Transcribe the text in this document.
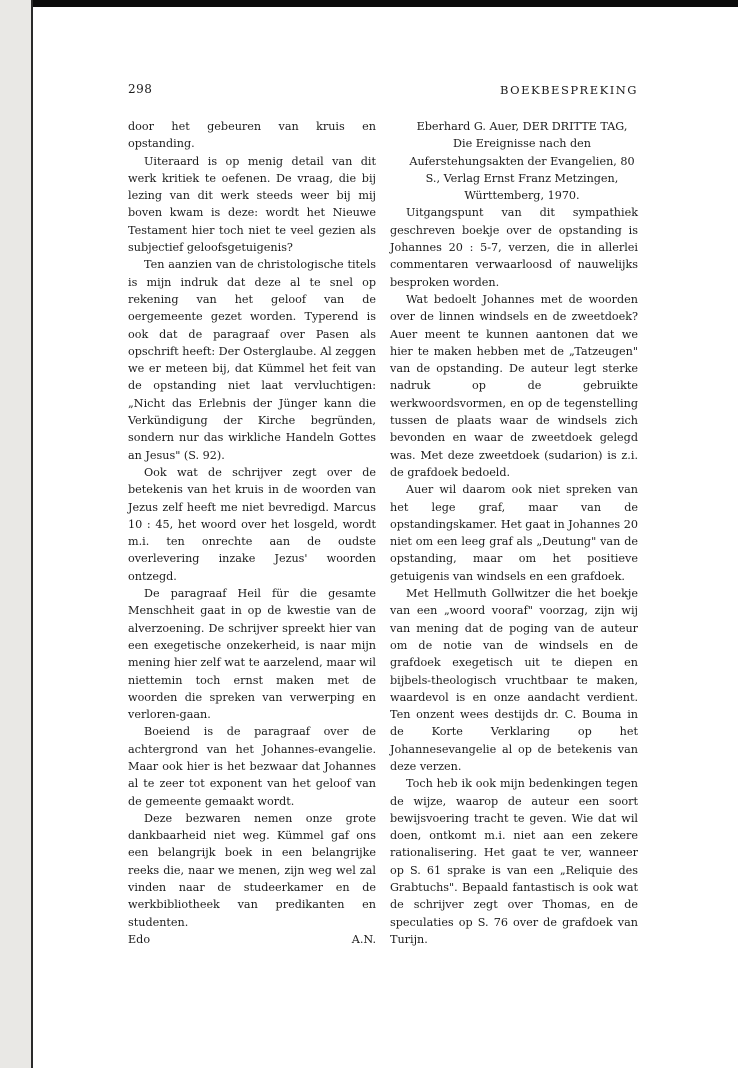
298	BOEKBESPREKING

door het gebeuren van kruis en opstanding.

Uiteraard is op menig detail van dit werk kritiek te oefenen. De vraag, die bij lezing van dit werk steeds weer bij mij boven kwam is deze: wordt het Nieuwe Testament hier toch niet te veel gezien als subjectief geloofsgetuigenis?

Ten aanzien van de christologische titels is mijn indruk dat deze al te snel op rekening van het geloof van de oergemeente gezet worden. Typerend is ook dat de paragraaf over Pasen als opschrift heeft: Der Osterglaube. Al zeggen we er meteen bij, dat Kümmel het feit van de opstanding niet laat vervluchtigen: „Nicht das Erlebnis der Jünger kann die Verkündigung der Kirche begründen, sondern nur das wirkliche Handeln Gottes an Jesus" (S. 92).

Ook wat de schrijver zegt over de betekenis van het kruis in de woorden van Jezus zelf heeft me niet bevredigd. Marcus 10 : 45, het woord over het losgeld, wordt m.i. ten onrechte aan de oudste overlevering inzake Jezus' woorden ontzegd.

De paragraaf Heil für die gesamte Menschheit gaat in op de kwestie van de alverzoening. De schrijver spreekt hier van een exegetische onzekerheid, is naar mijn mening hier zelf wat te aarzelend, maar wil niettemin toch ernst maken met de woorden die spreken van verwerping en verloren-gaan.

Boeiend is de paragraaf over de achtergrond van het Johannes-evangelie. Maar ook hier is het bezwaar dat Johannes al te zeer tot exponent van het geloof van de gemeente gemaakt wordt.

Deze bezwaren nemen onze grote dankbaarheid niet weg. Kümmel gaf ons een belangrijk boek in een belangrijke reeks die, naar we menen, zijn weg wel zal vinden naar de studeerkamer en de werkbibliotheek van predikanten en studenten.

Edo	A.N.

Eberhard G. Auer, DER DRITTE TAG, Die Ereignisse nach den Auferstehungsakten der Evangelien, 80 S., Verlag Ernst Franz Metzingen, Württemberg, 1970.

Uitgangspunt van dit sympathiek geschreven boekje over de opstanding is Johannes 20 : 5-7, verzen, die in allerlei commentaren verwaarloosd of nauwelijks besproken worden.

Wat bedoelt Johannes met de woorden over de linnen windsels en de zweetdoek? Auer meent te kunnen aantonen dat we hier te maken hebben met de „Tatzeugen" van de opstanding. De auteur legt sterke nadruk op de gebruikte werkwoordsvormen, en op de tegenstelling tussen de plaats waar de windsels zich bevonden en waar de zweetdoek gelegd was. Met deze zweetdoek (sudarion) is z.i. de grafdoek bedoeld.

Auer wil daarom ook niet spreken van het lege graf, maar van de opstandingskamer. Het gaat in Johannes 20 niet om een leeg graf als „Deutung" van de opstanding, maar om het positieve getuigenis van windsels en een grafdoek.

Met Hellmuth Gollwitzer die het boekje van een „woord vooraf" voorzag, zijn wij van mening dat de poging van de auteur om de notie van de windsels en de grafdoek exegetisch uit te diepen en bijbels-theologisch vruchtbaar te maken, waardevol is en onze aandacht verdient. Ten onzent wees destijds dr. C. Bouma in de Korte Verklaring op het Johannesevangelie al op de betekenis van deze verzen.

Toch heb ik ook mijn bedenkingen tegen de wijze, waarop de auteur een soort bewijsvoering tracht te geven. Wie dat wil doen, ontkomt m.i. niet aan een zekere rationalisering. Het gaat te ver, wanneer op S. 61 sprake is van een „Reliquie des Grabtuchs". Bepaald fantastisch is ook wat de schrijver zegt over Thomas, en de speculaties op S. 76 over de grafdoek van Turijn.
